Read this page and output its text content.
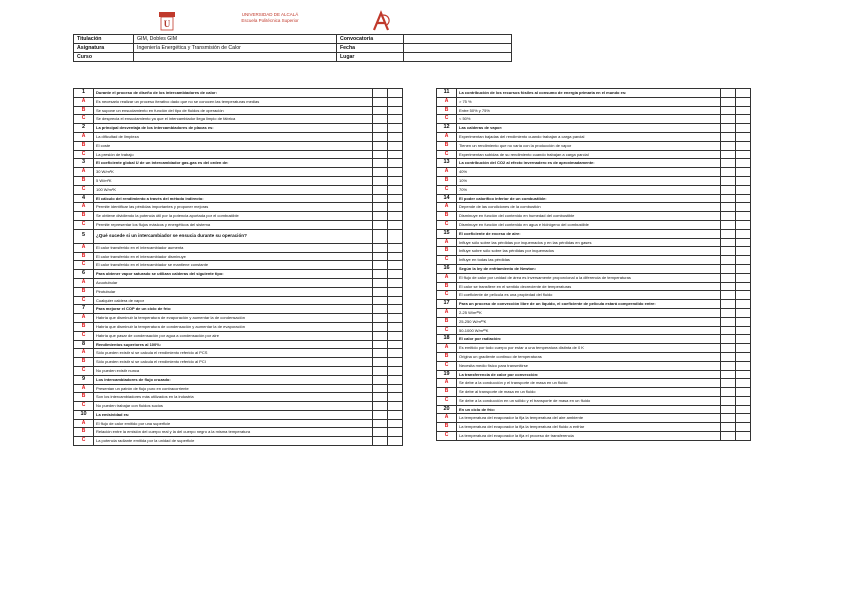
U
UNIVERSIDAD DE ALCALÁ
Escuela Politécnica Superior
Titulación	GIM, Dobles GIM	Convocatoria	
Asignatura	Ingeniería Energética y Transmisión de Calor	Fecha	
Curso		Lugar	
1	Durante el proceso de diseño de los intercambiadores de calor:		
A	Es necesario realizar un proceso iterativo dado que no se conocen las temperaturas medias		
B	Se supone un ensuciamiento en función del tipo de fluidos de operación		
C	Se desprecia el ensuciamiento ya que el intercambiador llega limpio de fábrica		
2	La principal desventaja de los intercambiadores de placas es:		
A	La dificultad de limpieza		
B	El coste		
C	La presión de trabajo		
3	El coeficiente global U de un intercambiador gas-gas es del orden de:		
A	30 W/m²K		
B	5 W/m²K		
C	100 W/m²K		
4	El cálculo del rendimiento a través del método indirecto:		
A	Permite identificar las pérdidas importantes y proponer mejoras		
B	Se obtiene dividiendo la potencia útil por la potencia aportada por el combustible		
C	Permite representar los flujos másicos y energéticos del sistema		
5	¿Qué sucede si un intercambiador se ensucia durante su operación?		
A	El calor transferido en el intercambiador aumenta		
B	El calor transferido en el intercambiador disminuye		
C	El calor transferido en el intercambiador se mantiene constante		
6	Para obtener vapor saturado se utilizan calderas del siguiente tipo:		
A	Acuotubular		
B	Pirotubular		
C	Cualquier caldera de vapor		
7	Para mejorar el COP de un ciclo de frío:		
A	Habría que disminuir la temperatura de evaporación y aumentar la de condensación		
B	Habría que disminuir la temperatura de condensación y aumentar la de evaporación		
C	Habría que pasar de condensación por agua a condensación por aire		
8	Rendimientos superiores al 100%:		
A	Sólo pueden existir si se calcula el rendimiento referido al PCS		
B	Sólo pueden existir si se calcula el rendimiento referido al PCI		
C	No pueden existir nunca		
9	Los intercambiadores de flujo cruzado:		
A	Presentan un patrón de flujo puro en contracorriente		
B	Son los intercambiadores más utilizados en la industria		
C	No pueden trabajar con fluidos sucios		
10	La emisividad es:		
A	El flujo de calor emitido por una superficie		
B	Relación entre la emisión del cuerpo real y la del cuerpo negro a la misma temperatura		
C	La potencia radiante emitida por la unidad de superficie		
11	La contribución de los recursos fósiles al consumo de energía primaria en el mundo es:		
A	> 75 %		
B	Entre 50% y 75%		
C	< 50%		
12	Las calderas de vapor:		
A	Experimentan bajadas del rendimiento cuando trabajan a carga parcial		
B	Tienen un rendimiento que no varía con la producción de vapor		
C	Experimentan subidas de su rendimiento cuando trabajan a carga parcial		
13	La contribución del CO2 al efecto invernadero es de aproximadamente:		
A	40%		
B	10%		
C	70%		
14	El poder calorífico inferior de un combustible:		
A	Depende de las condiciones de la combustión		
B	Disminuye en función del contenido en humedad del combustible		
C	Disminuye en función del contenido en agua e hidrógeno del combustible		
15	El coeficiente de exceso de aire:		
A	Influye sólo sobre las pérdidas por inquemados y en las pérdidas en gases		
B	Influye sobre sólo sobre las pérdidas por inquemados		
C	Influye en todas las pérdidas		
16	Según la ley de enfriamiento de Newton:		
A	El flujo de calor por unidad de área es inversamente proporcional a la diferencia de temperaturas		
B	El calor se transfiere en el sentido decreciente de temperaturas		
C	El coeficiente de película es una propiedad del fluido		
17	Para un proceso de convección libre de un líquido, el coeficiente de película estará comprendido entre:		
A	2-25 W/m²ºK		
B	25-250 W/m²ºK		
C	50-1000 W/m²ºK		
18	El calor por radiación:		
A	Es emitido por todo cuerpo por estar a una temperatura distinta de 0 K		
B	Origina un gradiente continuo de temperaturas		
C	Necesita medio físico para transmitirse		
19	La transferencia de calor por convección:		
A	Se debe a la conducción y el transporte de masa en un fluido		
B	Se debe al transporte de masa en un fluido		
C	Se debe a la conducción en un sólido y el transporte de masa en un fluido		
20	En un ciclo de frío:		
A	La temperatura del evaporador la fija la temperatura del aire ambiente		
B	La temperatura del evaporador la fija la temperatura del fluido a enfriar		
C	La temperatura del evaporador la fija el proceso de transferencia		
